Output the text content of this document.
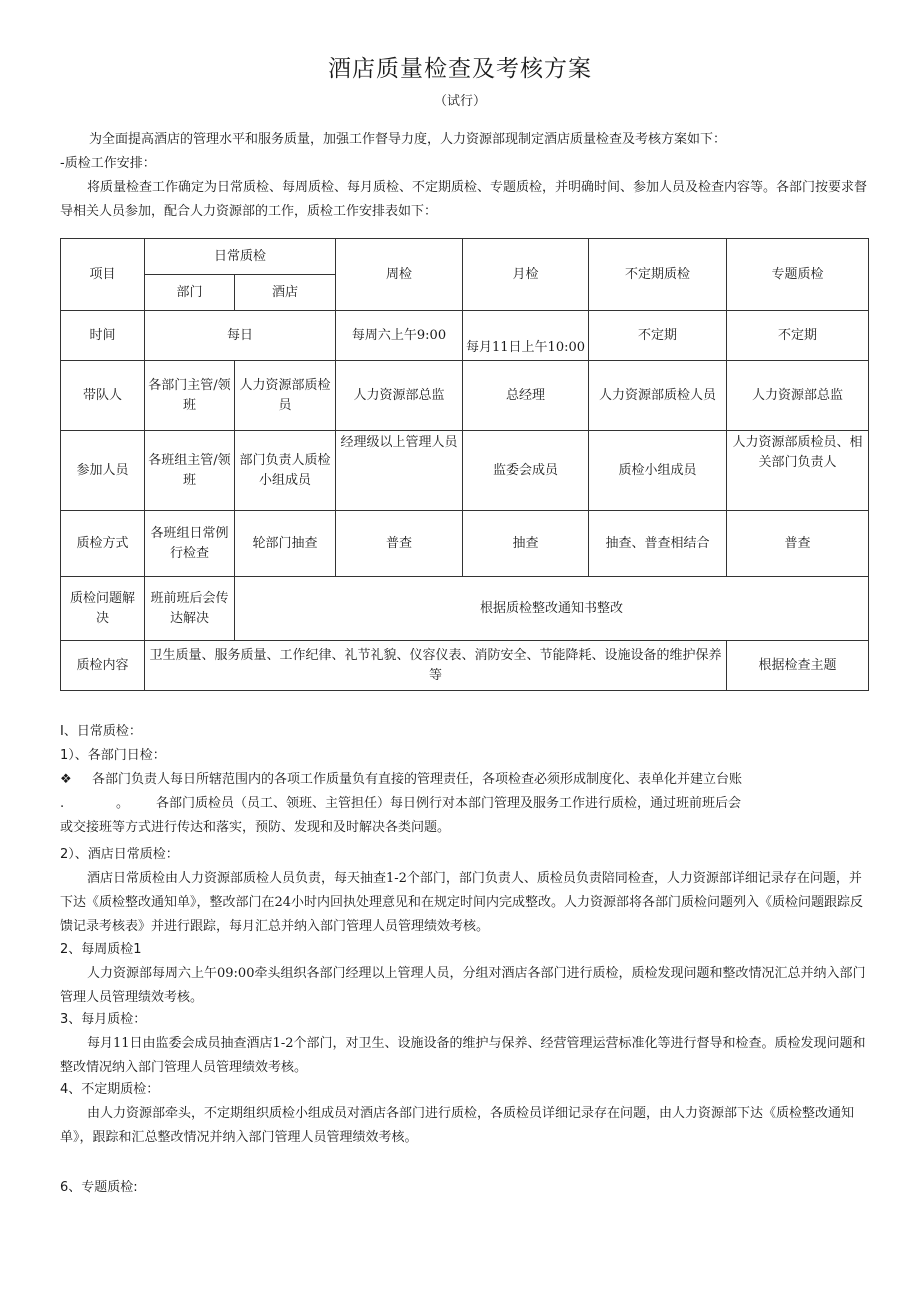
酒店质量检查及考核方案
（试行）
为全面提高酒店的管理水平和服务质量，加强工作督导力度，人力资源部现制定酒店质量检查及考核方案如下：
-质检工作安排：
将质量检查工作确定为日常质检、每周质检、每月质检、不定期质检、专题质检，并明确时间、参加人员及检查内容等。各部门按要求督导相关人员参加，配合人力资源部的工作，质检工作安排表如下：
项目	日常质检		周检	月检	不定期质检	专题质检
	部门	酒店				
时间	每日		每周六上午9:00	每月11日上午10:00	不定期	不定期
带队人	各部门主管/领班	人力资源部质检员	人力资源部总监	总经理	人力资源部质检人员	人力资源部总监
参加人员	各班组主管/领班	部门负责人质检小组成员	经理级以上管理人员	监委会成员	质检小组成员	人力资源部质检员、相关部门负责人
质检方式	各班组日常例行检查	轮部门抽查	普查	抽查	抽查、普查相结合	普查
质检问题解决	班前班后会传达解决	根据质检整改通知书整改				
质检内容	卫生质量、服务质量、工作纪律、礼节礼貌、仪容仪表、消防安全、节能降耗、设施设备的维护保养等					根据检查主题
I、日常质检：
1）、各部门日检：
❖	各部门负责人每日所辖范围内的各项工作质量负有直接的管理责任，各项检查必须形成制度化、表单化并建立台账
.	。	各部门质检员（员工、领班、主管担任）每日例行对本部门管理及服务工作进行质检，通过班前班后会
或交接班等方式进行传达和落实，预防、发现和及时解决各类问题。
2）、酒店日常质检：
酒店日常质检由人力资源部质检人员负责，每天抽查1-2个部门，部门负责人、质检员负责陪同检查，人力资源部详细记录存在问题，并下达《质检整改通知单》，整改部门在24小时内回执处理意见和在规定时间内完成整改。人力资源部将各部门质检问题列入《质检问题跟踪反馈记录考核表》并进行跟踪，每月汇总并纳入部门管理人员管理绩效考核。
2、每周质检1
人力资源部每周六上午09:00牵头组织各部门经理以上管理人员，分组对酒店各部门进行质检，质检发现问题和整改情况汇总并纳入部门管理人员管理绩效考核。
3、每月质检：
每月11日由监委会成员抽查酒店1-2个部门，对卫生、设施设备的维护与保养、经营管理运营标准化等进行督导和检查。质检发现问题和整改情况纳入部门管理人员管理绩效考核。
4、不定期质检：
由人力资源部牵头，不定期组织质检小组成员对酒店各部门进行质检，各质检员详细记录存在问题，由人力资源部下达《质检整改通知单》，跟踪和汇总整改情况并纳入部门管理人员管理绩效考核。
6、专题质检:
